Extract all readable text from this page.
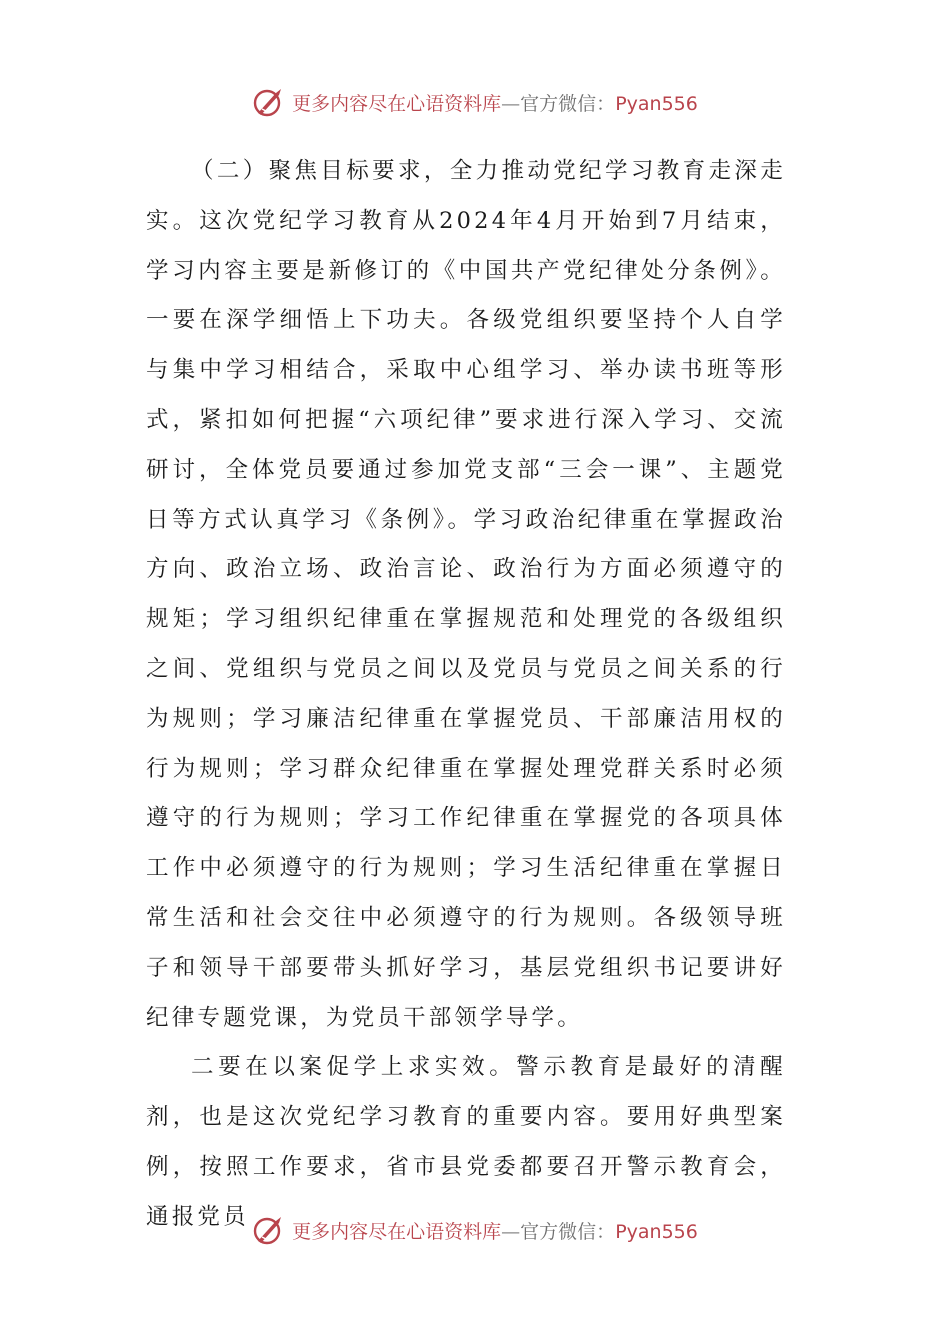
更多内容尽在心语资料库—官方微信：Pyan556

（二）聚焦目标要求，全力推动党纪学习教育走深走实。这次党纪学习教育从2024年4月开始到7月结束，学习内容主要是新修订的《中国共产党纪律处分条例》。一要在深学细悟上下功夫。各级党组织要坚持个人自学与集中学习相结合，采取中心组学习、举办读书班等形式，紧扣如何把握“六项纪律”要求进行深入学习、交流研讨，全体党员要通过参加党支部“三会一课”、主题党日等方式认真学习《条例》。学习政治纪律重在掌握政治方向、政治立场、政治言论、政治行为方面必须遵守的规矩；学习组织纪律重在掌握规范和处理党的各级组织之间、党组织与党员之间以及党员与党员之间关系的行为规则；学习廉洁纪律重在掌握党员、干部廉洁用权的行为规则；学习群众纪律重在掌握处理党群关系时必须遵守的行为规则；学习工作纪律重在掌握党的各项具体工作中必须遵守的行为规则；学习生活纪律重在掌握日常生活和社会交往中必须遵守的行为规则。各级领导班子和领导干部要带头抓好学习，基层党组织书记要讲好纪律专题党课，为党员干部领学导学。

二要在以案促学上求实效。警示教育是最好的清醒剂，也是这次党纪学习教育的重要内容。要用好典型案例，按照工作要求，省市县党委都要召开警示教育会，通报党员

更多内容尽在心语资料库—官方微信：Pyan556
